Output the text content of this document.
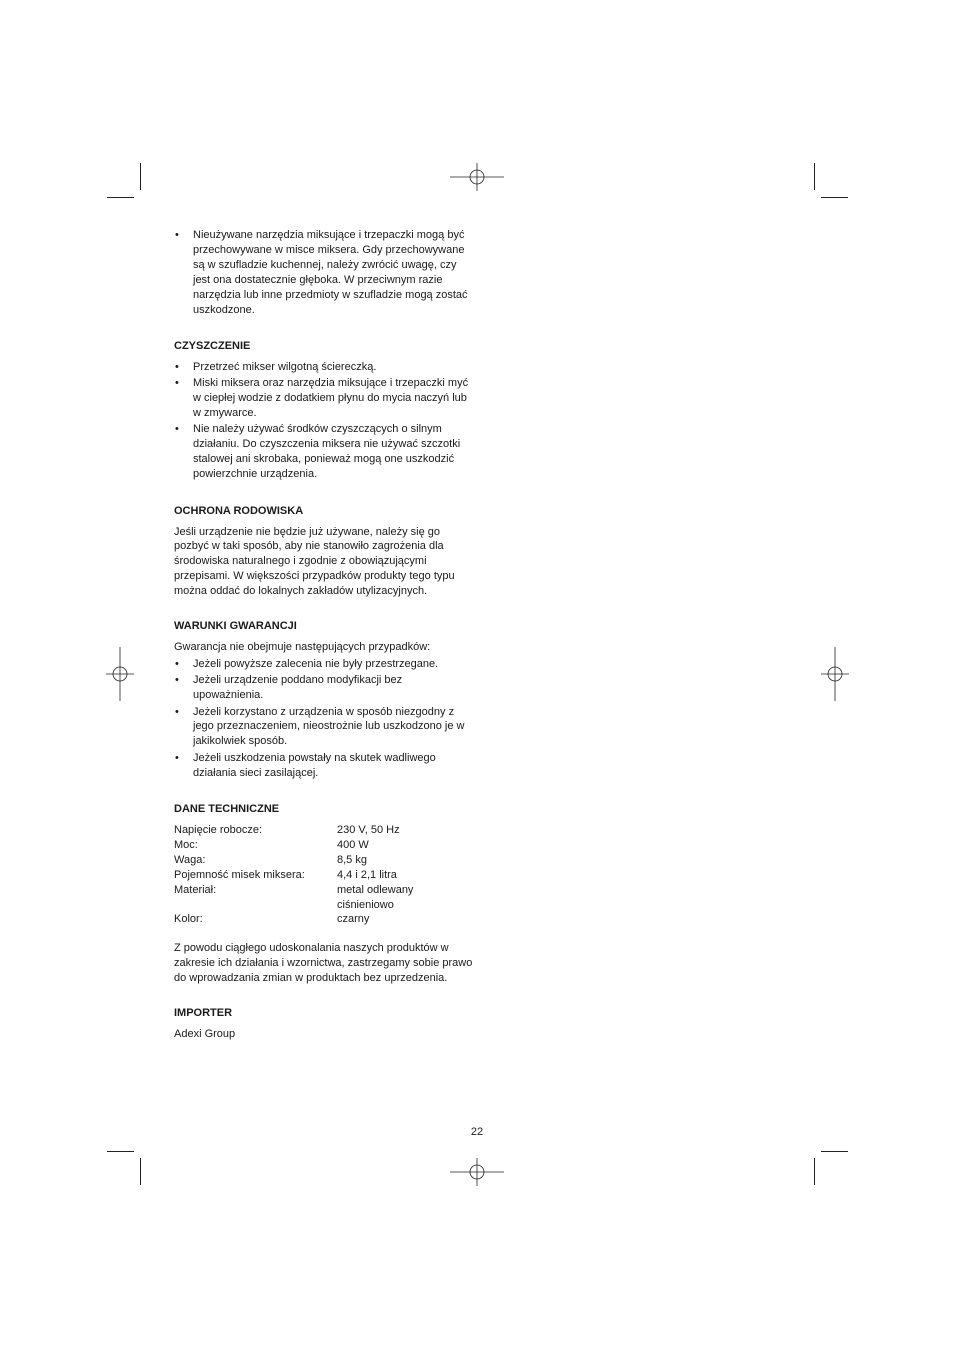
• Nieużywane narzędzia miksujące i trzepaczki mogą być przechowywane w misce miksera. Gdy przechowywane są w szufladzie kuchennej, należy zwrócić uwagę, czy jest ona dostatecznie głęboka. W przeciwnym razie narzędzia lub inne przedmioty w szufladzie mogą zostać uszkodzone.

CZYSZCZENIE

• Przetrzeć mikser wilgotną ściereczką.
• Miski miksera oraz narzędzia miksujące i trzepaczki myć w ciepłej wodzie z dodatkiem płynu do mycia naczyń lub w zmywarce.
• Nie należy używać środków czyszczących o silnym działaniu. Do czyszczenia miksera nie używać szczotki stalowej ani skrobaka, ponieważ mogą one uszkodzić powierzchnie urządzenia.

OCHRONA RODOWISKA

Jeśli urządzenie nie będzie już używane, należy się go pozbyć w taki sposób, aby nie stanowiło zagrożenia dla środowiska naturalnego i zgodnie z obowiązującymi przepisami. W większości przypadków produkty tego typu można oddać do lokalnych zakładów utylizacyjnych.

WARUNKI GWARANCJI

Gwarancja nie obejmuje następujących przypadków:

• Jeżeli powyższe zalecenia nie były przestrzegane.
• Jeżeli urządzenie poddano modyfikacji bez upoważnienia.
• Jeżeli korzystano z urządzenia w sposób niezgodny z jego przeznaczeniem, nieostrożnie lub uszkodzono je w jakikolwiek sposób.
• Jeżeli uszkodzenia powstały na skutek wadliwego działania sieci zasilającej.

DANE TECHNICZNE

Napięcie robocze:	230 V, 50 Hz
Moc:	400 W
Waga:	8,5 kg
Pojemność misek miksera:	4,4 i 2,1 litra
Materiał:	metal odlewany ciśnieniowo
Kolor:	czarny

Z powodu ciągłego udoskonalania naszych produktów w zakresie ich działania i wzornictwa, zastrzegamy sobie prawo do wprowadzania zmian w produktach bez uprzedzenia.

IMPORTER

Adexi Group

22
